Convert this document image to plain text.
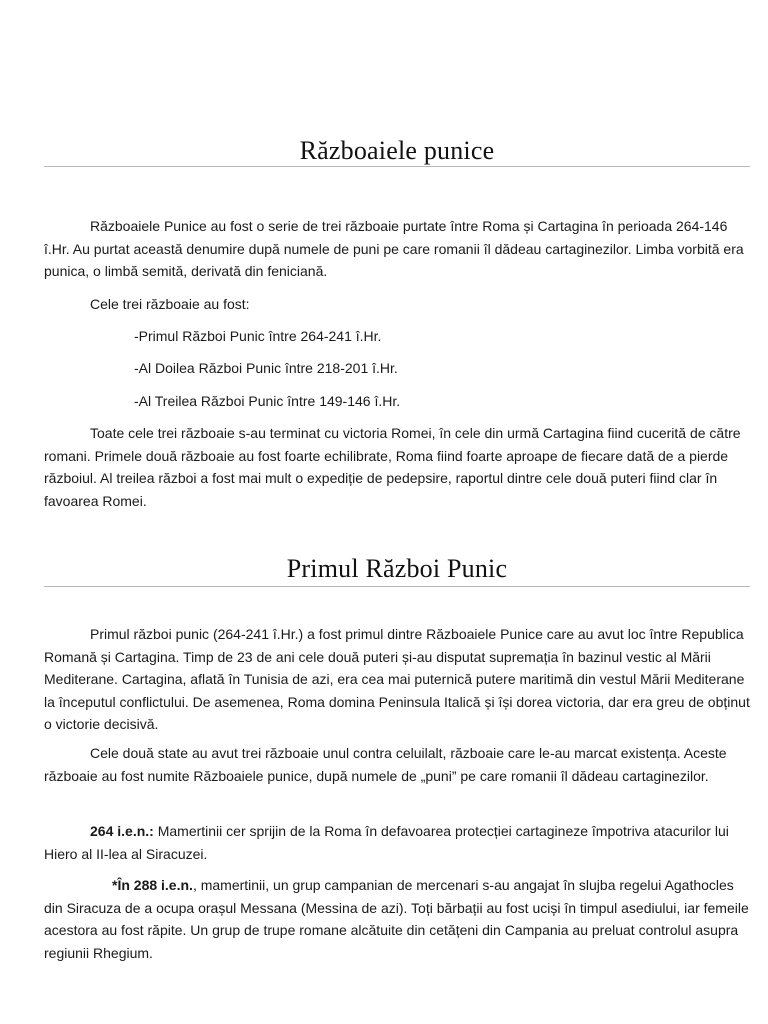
Războaiele punice

Războaiele Punice au fost o serie de trei războaie purtate între Roma și Cartagina în perioada 264-146 î.Hr. Au purtat această denumire după numele de puni pe care romanii îl dădeau cartaginezilor. Limba vorbită era punica, o limbă semită, derivată din feniciană.

Cele trei războaie au fost:

-Primul Război Punic între 264-241 î.Hr.

-Al Doilea Război Punic între 218-201 î.Hr.

-Al Treilea Război Punic între 149-146 î.Hr.

Toate cele trei războaie s-au terminat cu victoria Romei, în cele din urmă Cartagina fiind cucerită de către romani. Primele două războaie au fost foarte echilibrate, Roma fiind foarte aproape de fiecare dată de a pierde războiul. Al treilea război a fost mai mult o expediție de pedepsire, raportul dintre cele două puteri fiind clar în favoarea Romei.

Primul Război Punic

Primul război punic (264-241 î.Hr.) a fost primul dintre Războaiele Punice care au avut loc între Republica Romană și Cartagina. Timp de 23 de ani cele două puteri și-au disputat supremația în bazinul vestic al Mării Mediterane. Cartagina, aflată în Tunisia de azi, era cea mai puternică putere maritimă din vestul Mării Mediterane la începutul conflictului. De asemenea, Roma domina Peninsula Italică și își dorea victoria, dar era greu de obținut o victorie decisivă.

Cele două state au avut trei războaie unul contra celuilalt, războaie care le-au marcat existența. Aceste războaie au fost numite Războaiele punice, după numele de „puni” pe care romanii îl dădeau cartaginezilor.

264 i.e.n.: Mamertinii cer sprijin de la Roma în defavoarea protecției cartagineze împotriva atacurilor lui Hiero al II-lea al Siracuzei.

*În 288 i.e.n., mamertinii, un grup campanian de mercenari s-au angajat în slujba regelui Agathocles din Siracuza de a ocupa orașul Messana (Messina de azi). Toți bărbații au fost uciși în timpul asediului, iar femeile acestora au fost răpite. Un grup de trupe romane alcătuite din cetățeni din Campania au preluat controlul asupra regiunii Rhegium.
